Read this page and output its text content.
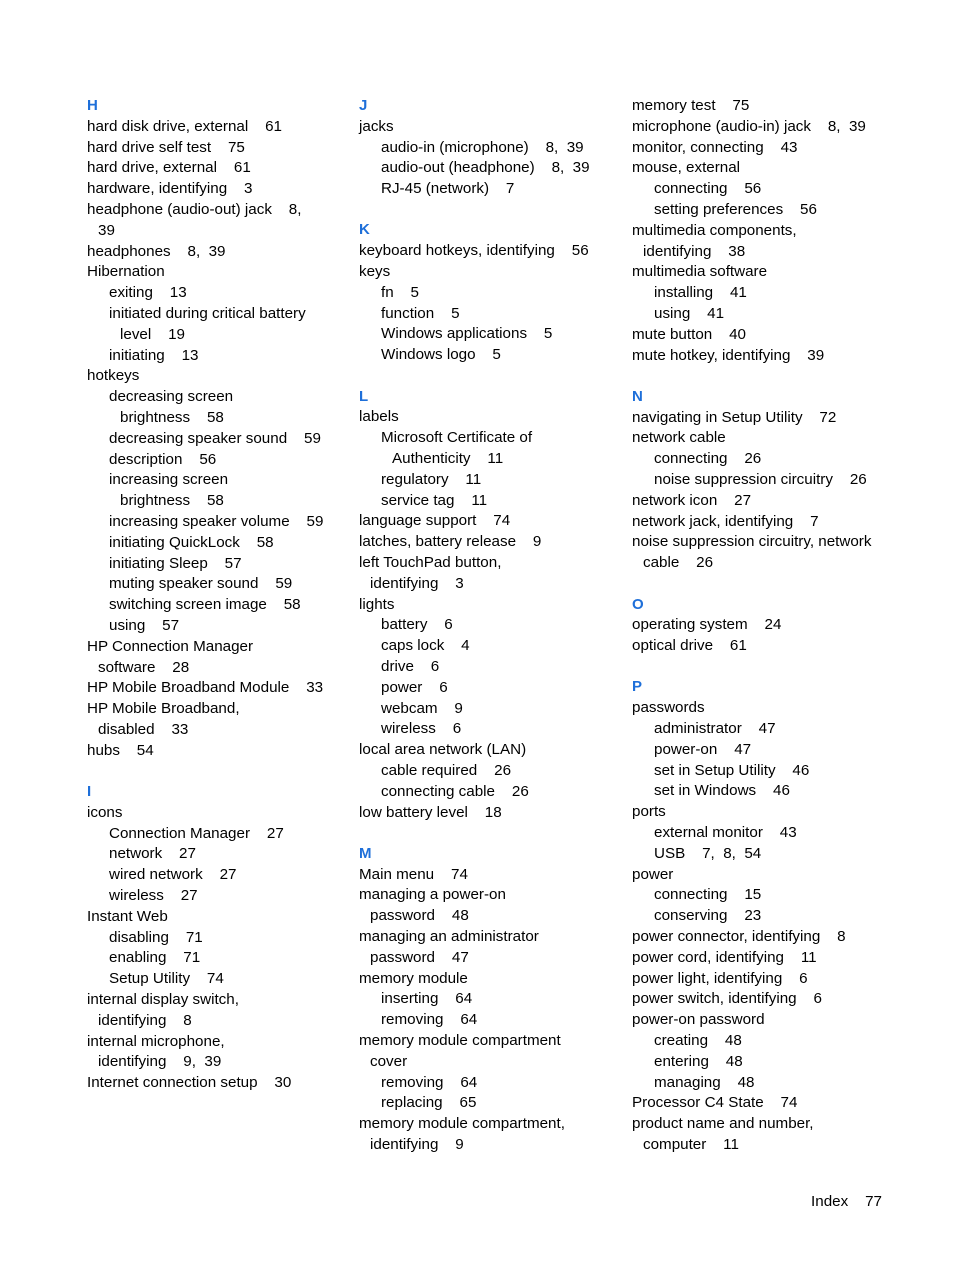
H
hard disk drive, external    61
hard drive self test    75
hard drive, external    61
hardware, identifying    3
headphone (audio-out) jack    8,
39
headphones    8,  39
Hibernation
exiting    13
initiated during critical battery
level    19
initiating    13
hotkeys
decreasing screen
brightness    58
decreasing speaker sound    59
description    56
increasing screen
brightness    58
increasing speaker volume    59
initiating QuickLock    58
initiating Sleep    57
muting speaker sound    59
switching screen image    58
using    57
HP Connection Manager
software    28
HP Mobile Broadband Module    33
HP Mobile Broadband,
disabled    33
hubs    54
I
icons
Connection Manager    27
network    27
wired network    27
wireless    27
Instant Web
disabling    71
enabling    71
Setup Utility    74
internal display switch,
identifying    8
internal microphone,
identifying    9,  39
Internet connection setup    30
J
jacks
audio-in (microphone)    8,  39
audio-out (headphone)    8,  39
RJ-45 (network)    7
K
keyboard hotkeys, identifying    56
keys
fn    5
function    5
Windows applications    5
Windows logo    5
L
labels
Microsoft Certificate of
Authenticity    11
regulatory    11
service tag    11
language support    74
latches, battery release    9
left TouchPad button,
identifying    3
lights
battery    6
caps lock    4
drive    6
power    6
webcam    9
wireless    6
local area network (LAN)
cable required    26
connecting cable    26
low battery level    18
M
Main menu    74
managing a power-on
password    48
managing an administrator
password    47
memory module
inserting    64
removing    64
memory module compartment
cover
removing    64
replacing    65
memory module compartment,
identifying    9
memory test    75
microphone (audio-in) jack    8,  39
monitor, connecting    43
mouse, external
connecting    56
setting preferences    56
multimedia components,
identifying    38
multimedia software
installing    41
using    41
mute button    40
mute hotkey, identifying    39
N
navigating in Setup Utility    72
network cable
connecting    26
noise suppression circuitry    26
network icon    27
network jack, identifying    7
noise suppression circuitry, network
cable    26
O
operating system    24
optical drive    61
P
passwords
administrator    47
power-on    47
set in Setup Utility    46
set in Windows    46
ports
external monitor    43
USB    7,  8,  54
power
connecting    15
conserving    23
power connector, identifying    8
power cord, identifying    11
power light, identifying    6
power switch, identifying    6
power-on password
creating    48
entering    48
managing    48
Processor C4 State    74
product name and number,
computer    11
Index 77
